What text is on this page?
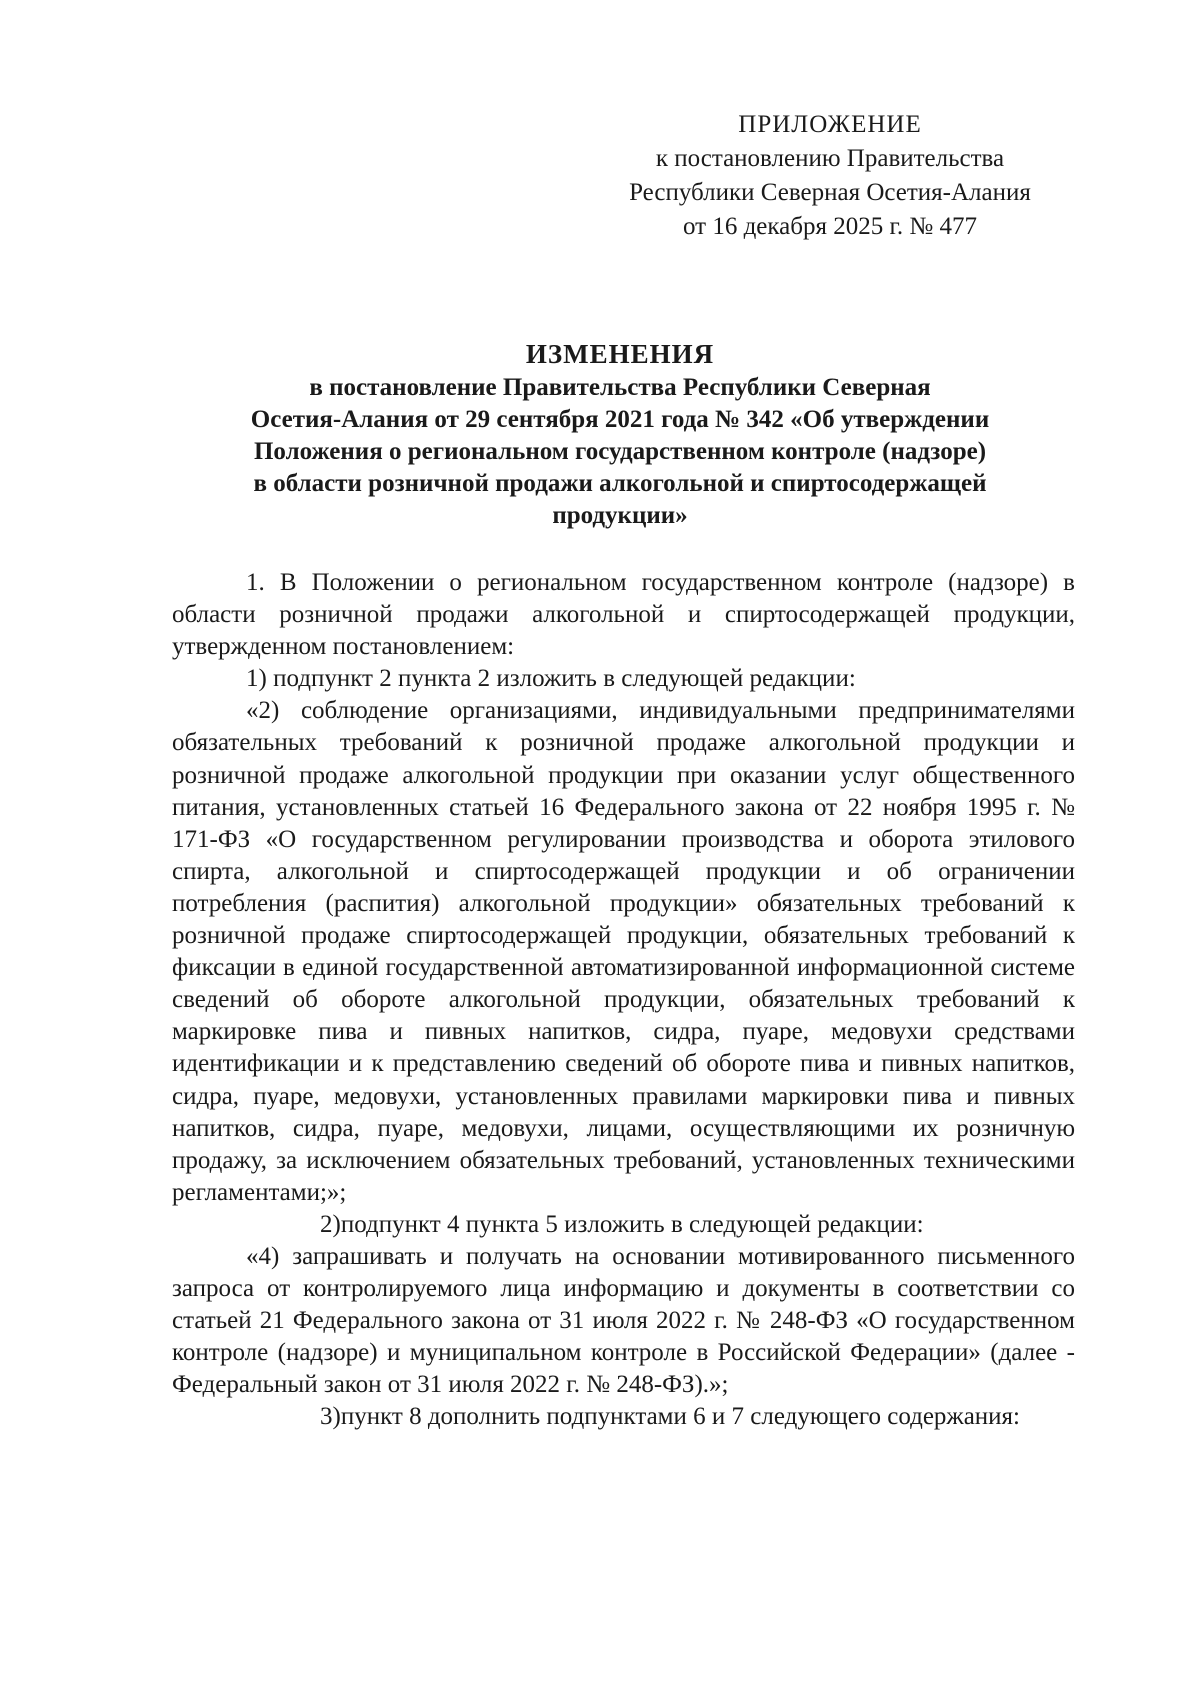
ПРИЛОЖЕНИЕ
к постановлению Правительства
Республики Северная Осетия-Алания
от 16 декабря 2025 г. № 477
ИЗМЕНЕНИЯ
в постановление Правительства Республики Северная
Осетия-Алания от 29 сентября 2021 года № 342 «Об утверждении
Положения о региональном государственном контроле (надзоре)
в области розничной продажи алкогольной и спиртосодержащей
продукции»

1. В Положении о региональном государственном контроле (надзоре) в области розничной продажи алкогольной и спиртосодержащей продукции, утвержденном постановлением:

1) подпункт 2 пункта 2 изложить в следующей редакции:

«2) соблюдение организациями, индивидуальными предпринимателями обязательных требований к розничной продаже алкогольной продукции и розничной продаже алкогольной продукции при оказании услуг общественного питания, установленных статьей 16 Федерального закона от 22 ноября 1995 г. № 171-ФЗ «О государственном регулировании производства и оборота этилового спирта, алкогольной и спиртосодержащей продукции и об ограничении потребления (распития) алкогольной продукции» обязательных требований к розничной продаже спиртосодержащей продукции, обязательных требований к фиксации в единой государственной автоматизированной информационной системе сведений об обороте алкогольной продукции, обязательных требований к маркировке пива и пивных напитков, сидра, пуаре, медовухи средствами идентификации и к представлению сведений об обороте пива и пивных напитков, сидра, пуаре, медовухи, установленных правилами маркировки пива и пивных напитков, сидра, пуаре, медовухи, лицами, осуществляющими их розничную продажу, за исключением обязательных требований, установленных техническими регламентами;»;

2)подпункт 4 пункта 5 изложить в следующей редакции:

«4) запрашивать и получать на основании мотивированного письменного запроса от контролируемого лица информацию и документы в соответствии со статьей 21 Федерального закона от 31 июля 2022 г. № 248-ФЗ «О государственном контроле (надзоре) и муниципальном контроле в Российской Федерации» (далее - Федеральный закон от 31 июля 2022 г. № 248-ФЗ).»;

3)пункт 8 дополнить подпунктами 6 и 7 следующего содержания:
